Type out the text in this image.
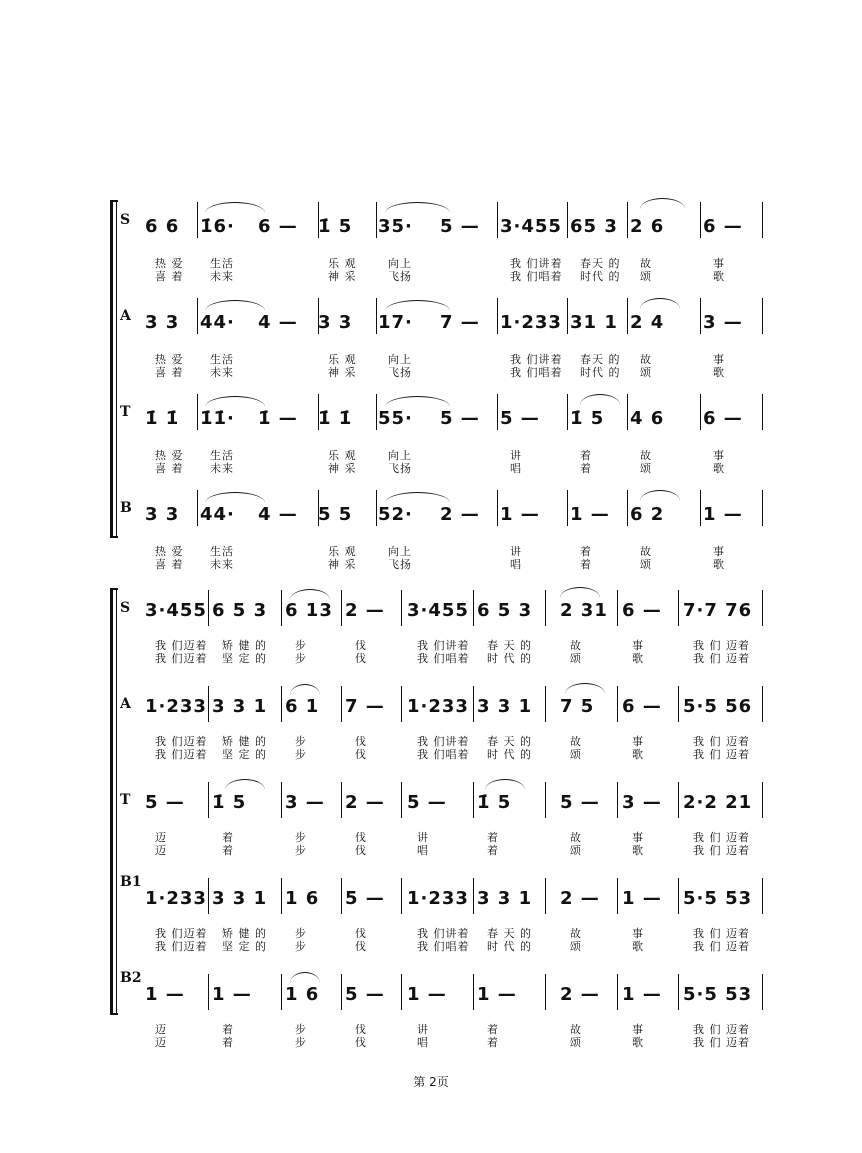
S 6 6 1̇6· 6 — 1̇ 5 35· 5 — 3·455 65 3 2 6 6 —
热 爱 生活	乐 观	向上	我 们讲着 春天 的 故	事
喜 着 未来	神 采	飞扬	我 们唱着 时代 的 颂	歌
A 3 3 44· 4 — 3 3 17· 7 — 1·233 31 1 2 4 3 —
热 爱 生活	乐 观	向上	我 们讲着 春天 的 故	事
喜 着 未来	神 采	飞扬	我 们唱着 时代 的 颂	歌
T 1̇ 1̇ 1̇1̇· 1̇ — 1̇ 1̇ 55· 5 — 5 — 1̇ 5 4 6 6 —
热 爱 生活	乐 观	向上	讲	着	故	事
喜 着 未来	神 采	飞扬	唱	着	颂	歌
B 3 3 44· 4 — 5 5 52· 2 — 1 — 1 — 6 2 1 —
热 爱 生活	乐 观	向上	讲	着	故	事
喜 着 未来	神 采	飞扬	唱	着	颂	歌
S 3·455 6 5 3 6 13 2 — 3·455 6 5 3 2 31 6 — 7·7 76
我 们迈着 矫 健 的	步	伐	我 们讲着 春 天 的	故	事	我 们 迈着
我 们迈着 坚 定 的	步	伐	我 们唱着 时 代 的	颂	歌	我 们 迈着
A 1·233 3 3 1 6 1 7 — 1·233 3 3 1 7 5 6 — 5·5 56
我 们迈着 矫 健 的	步	伐	我 们讲着 春 天 的	故	事	我 们 迈着
我 们迈着 坚 定 的	步	伐	我 们唱着 时 代 的	颂	歌	我 们 迈着
T 5 — 1̇ 5 3 — 2 — 5 — 1̇ 5	5 — 3 — 2·2 21
迈	着	步	伐	讲	着	故	事	我 们 迈着
迈	着	步	伐	唱	着	颂	歌	我 们 迈着
B1
1·233 3 3 1 1 6 5 — 1·233 3 3 1 2 — 1 — 5·5 53
我 们迈着 矫 健 的	步	伐	我 们讲着 春 天 的	故	事	我 们 迈着
我 们迈着 坚 定 的	步	伐	我 们唱着 时 代 的	颂	歌	我 们 迈着
B2
1 — 1 — 1 6 5 — 1 — 1 — 2 — 1 — 5·5 53
迈	着	步	伐	讲	着	故	事	我 们 迈着
迈	着	步	伐	唱	着	颂	歌	我 们 迈着
第 2页
